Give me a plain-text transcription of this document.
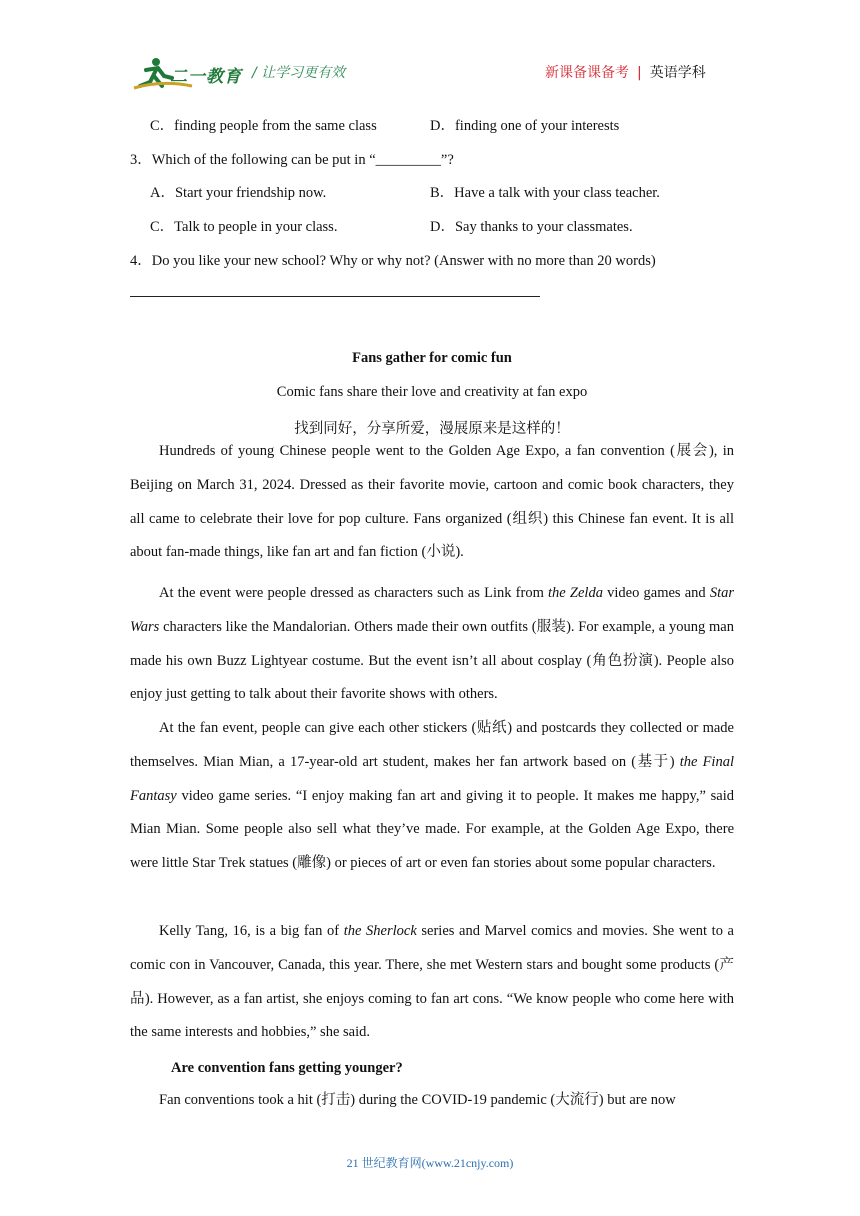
二一教育 / 让学习更有效	新课备课备考 | 英语学科
C．finding people from the same class	D．finding one of your interests
3．Which of the following can be put in “_________”?
A．Start your friendship now.	B．Have a talk with your class teacher.
C．Talk to people in your class.	D．Say thanks to your classmates.
4．Do you like your new school? Why or why not? (Answer with no more than 20 words)
Fans gather for comic fun
Comic fans share their love and creativity at fan expo
找到同好，分享所爱，漫展原来是这样的！

Hundreds of young Chinese people went to the Golden Age Expo, a fan convention (展会), in Beijing on March 31, 2024. Dressed as their favorite movie, cartoon and comic book characters, they all came to celebrate their love for pop culture. Fans organized (组织) this Chinese fan event. It is all about fan-made things, like fan art and fan fiction (小说).

At the event were people dressed as characters such as Link from the Zelda video games and Star Wars characters like the Mandalorian. Others made their own outfits (服装). For example, a young man made his own Buzz Lightyear costume. But the event isn’t all about cosplay (角色扮演). People also enjoy just getting to talk about their favorite shows with others.

At the fan event, people can give each other stickers (贴纸) and postcards they collected or made themselves. Mian Mian, a 17-year-old art student, makes her fan artwork based on (基于) the Final Fantasy video game series. “I enjoy making fan art and giving it to people. It makes me happy,” said Mian Mian. Some people also sell what they’ve made. For example, at the Golden Age Expo, there were little Star Trek statues (雕像) or pieces of art or even fan stories about some popular characters.

Kelly Tang, 16, is a big fan of the Sherlock series and Marvel comics and movies. She went to a comic con in Vancouver, Canada, this year. There, she met Western stars and bought some products (产品). However, as a fan artist, she enjoys coming to fan art cons. “We know people who come here with the same interests and hobbies,” she said.

Are convention fans getting younger?

Fan conventions took a hit (打击) during the COVID-19 pandemic (大流行) but are now

21 世纪教育网(www.21cnjy.com)
